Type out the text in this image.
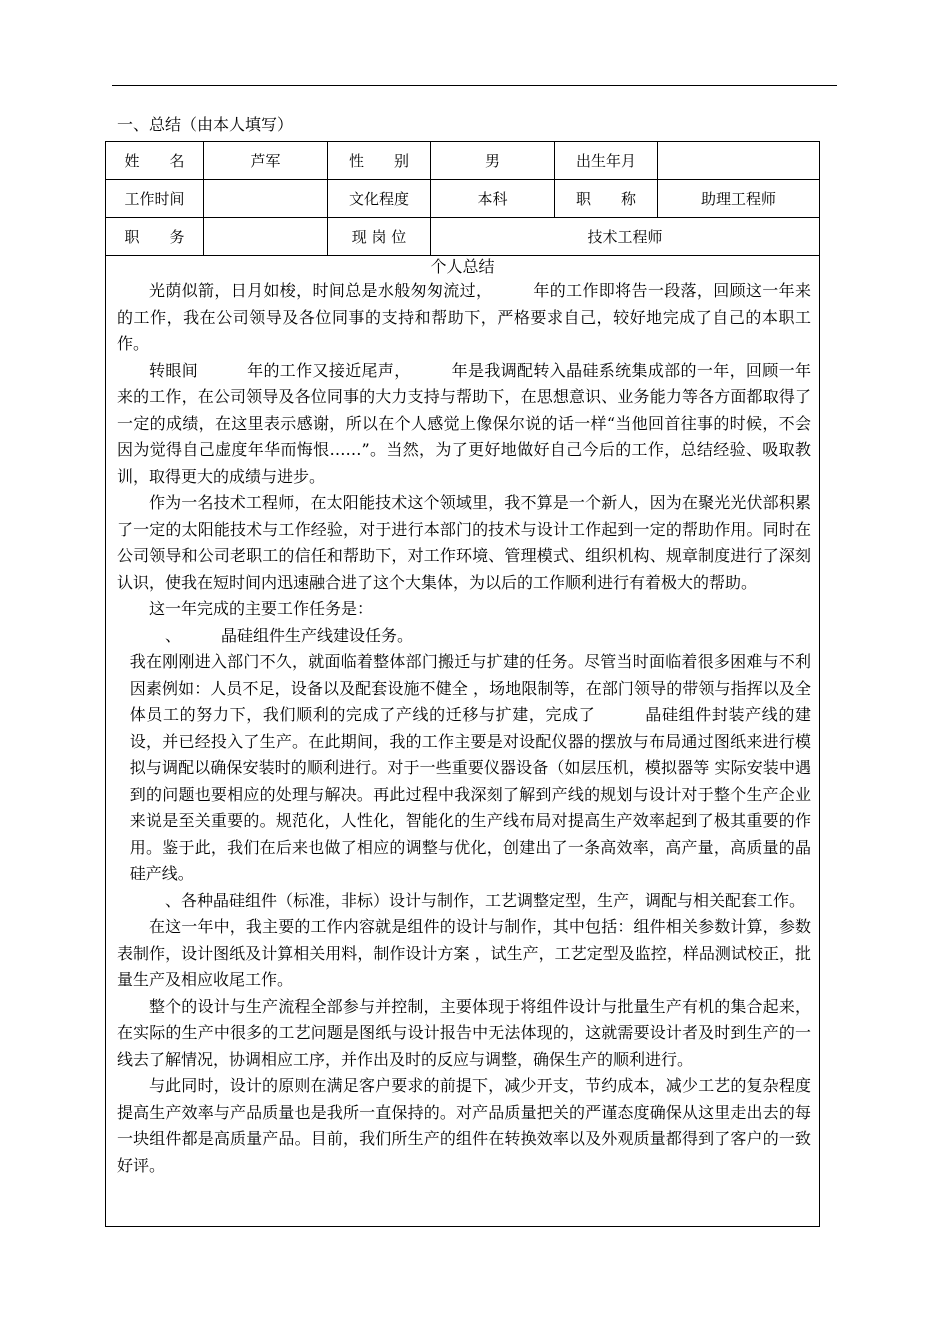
一、总结（由本人填写）
姓　　名	芦军	性　　别	男	出生年月	
工作时间		文化程度	本科	职　　称	助理工程师
职　　务		现 岗 位	技术工程师		
个人总结

光荫似箭，日月如梭，时间总是水般匆匆流过，　　　年的工作即将告一段落，回顾这一年来的工作，我在公司领导及各位同事的支持和帮助下，严格要求自己，较好地完成了自己的本职工作。

转眼间　　　年的工作又接近尾声，　　　年是我调配转入晶硅系统集成部的一年，回顾一年来的工作，在公司领导及各位同事的大力支持与帮助下，在思想意识、业务能力等各方面都取得了一定的成绩，在这里表示感谢，所以在个人感觉上像保尔说的话一样“当他回首往事的时候，不会因为觉得自己虚度年华而悔恨……”。当然，为了更好地做好自己今后的工作，总结经验、吸取教训，取得更大的成绩与进步。

作为一名技术工程师，在太阳能技术这个领域里，我不算是一个新人，因为在聚光光伏部积累了一定的太阳能技术与工作经验，对于进行本部门的技术与设计工作起到一定的帮助作用。同时在公司领导和公司老职工的信任和帮助下，对工作环境、管理模式、组织机构、规章制度进行了深刻认识，使我在短时间内迅速融合进了这个大集体，为以后的工作顺利进行有着极大的帮助。

这一年完成的主要工作任务是：

　、　　　晶硅组件生产线建设任务。

我在刚刚进入部门不久，就面临着整体部门搬迁与扩建的任务。尽管当时面临着很多困难与不利因素例如：人员不足，设备以及配套设施不健全 ，场地限制等，在部门领导的带领与指挥以及全体员工的努力下，我们顺利的完成了产线的迁移与扩建，完成了　　　晶硅组件封装产线的建设，并已经投入了生产。在此期间，我的工作主要是对设配仪器的摆放与布局通过图纸来进行模拟与调配以确保安装时的顺利进行。对于一些重要仪器设备（如层压机，模拟器等 实际安装中遇到的问题也要相应的处理与解决。再此过程中我深刻了解到产线的规划与设计对于整个生产企业来说是至关重要的。规范化，人性化，智能化的生产线布局对提高生产效率起到了极其重要的作用。鉴于此，我们在后来也做了相应的调整与优化，创建出了一条高效率，高产量，高质量的晶硅产线。

　、各种晶硅组件（标准，非标）设计与制作，工艺调整定型，生产，调配与相关配套工作。

在这一年中，我主要的工作内容就是组件的设计与制作，其中包括：组件相关参数计算，参数表制作，设计图纸及计算相关用料，制作设计方案 ，试生产，工艺定型及监控，样品测试校正，批量生产及相应收尾工作。

整个的设计与生产流程全部参与并控制，主要体现于将组件设计与批量生产有机的集合起来，在实际的生产中很多的工艺问题是图纸与设计报告中无法体现的，这就需要设计者及时到生产的一线去了解情况，协调相应工序，并作出及时的反应与调整，确保生产的顺利进行。

与此同时，设计的原则在满足客户要求的前提下，减少开支，节约成本，减少工艺的复杂程度提高生产效率与产品质量也是我所一直保持的。对产品质量把关的严谨态度确保从这里走出去的每一块组件都是高质量产品。目前，我们所生产的组件在转换效率以及外观质量都得到了客户的一致好评。
